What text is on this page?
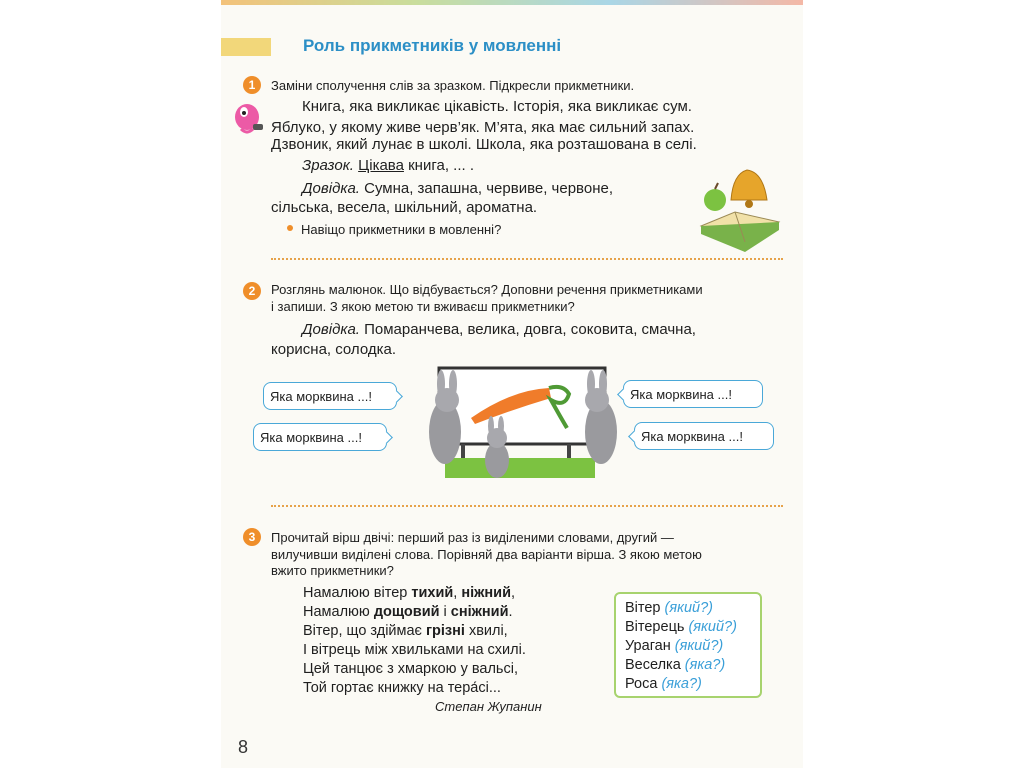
Роль прикметників у мовленні
1	Заміни сполучення слів за зразком. Підкресли прикметники.
Книга, яка викликає цікавість. Історія, яка викликає сум.
Яблуко, у якому живе черв’як. М’ята, яка має сильний запах.
Дзвоник, який лунає в школі. Школа, яка розташована в селі.
Зразок. Цікава книга, ... .
Довідка. Сумна, запашна, червиве, червоне,
сільська, весела, шкільний, ароматна.
Навіщо прикметники в мовленні?
2	Розглянь малюнок. Що відбувається? Доповни речення прикметниками
і запиши. З якою метою ти вживаєш прикметники?
Довідка. Помаранчева, велика, довга, соковита, смачна,
корисна, солодка.
Яка морквина ...!
Яка морквина ...!
Яка морквина ...!
Яка морквина ...!
3	Прочитай вірш двічі: перший раз із виділеними словами, другий —
вилучивши виділені слова. Порівняй два варіанти вірша. З якою метою
вжито прикметники?
Намалюю вітер тихий, ніжний,
Намалюю дощовий і сніжний.
Вітер, що здіймає грізні хвилі,
І вітрець між хвильками на схилі.
Цей танцює з хмаркою у вальсі,
Той гортає книжку на тера́сі...
Степан Жупанин
Вітер (який?)
Вітерець (який?)
Ураган (який?)
Веселка (яка?)
Роса (яка?)
8
